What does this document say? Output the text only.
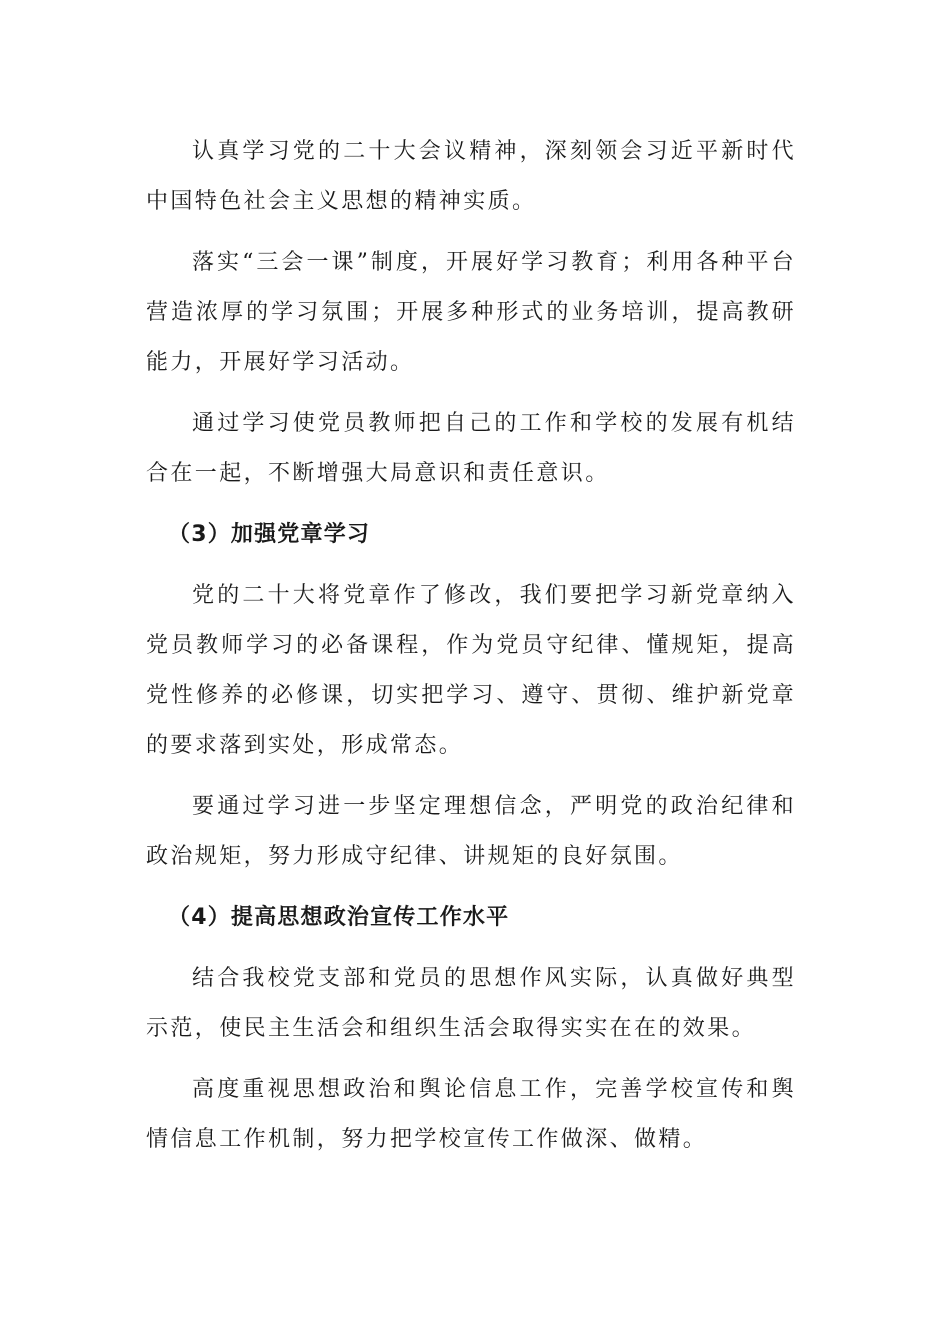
认真学习党的二十大会议精神，深刻领会习近平新时代中国特色社会主义思想的精神实质。

落实“三会一课”制度，开展好学习教育；利用各种平台营造浓厚的学习氛围；开展多种形式的业务培训，提高教研能力，开展好学习活动。

通过学习使党员教师把自己的工作和学校的发展有机结合在一起，不断增强大局意识和责任意识。

（3）加强党章学习

党的二十大将党章作了修改，我们要把学习新党章纳入党员教师学习的必备课程，作为党员守纪律、懂规矩，提高党性修养的必修课，切实把学习、遵守、贯彻、维护新党章的要求落到实处，形成常态。

要通过学习进一步坚定理想信念，严明党的政治纪律和政治规矩，努力形成守纪律、讲规矩的良好氛围。

（4）提高思想政治宣传工作水平

结合我校党支部和党员的思想作风实际，认真做好典型示范，使民主生活会和组织生活会取得实实在在的效果。

高度重视思想政治和舆论信息工作，完善学校宣传和舆情信息工作机制，努力把学校宣传工作做深、做精。
